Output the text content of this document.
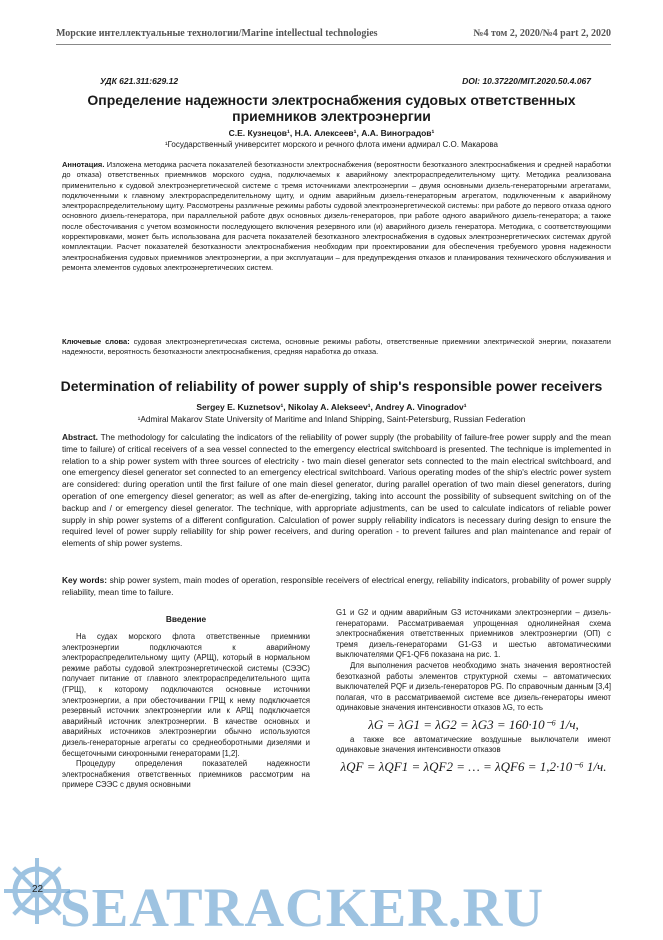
Морские интеллектуальные технологии/Marine intellectual technologies	№4 том 2, 2020/№4 part 2, 2020
УДК 621.311:629.12	DOI: 10.37220/MIT.2020.50.4.067
Определение надежности электроснабжения судовых ответственных приемников электроэнергии
С.Е. Кузнецов¹, Н.А. Алексеев¹, А.А. Виноградов¹
¹Государственный университет морского и речного флота имени адмирал С.О. Макарова
Аннотация. Изложена методика расчета показателей безотказности электроснабжения (вероятности безотказного электроснабжения и средней наработки до отказа) ответственных приемников морского судна, подключаемых к аварийному электрораспределительному щиту. Методика реализована применительно к судовой электроэнергетической системе с тремя источниками электроэнергии – двумя основными дизель-генераторными агрегатами, подключенными к главному электрораспределительному щиту, и одним аварийным дизель-генераторным агрегатом, подключенным к аварийному электрораспределительному щиту. Рассмотрены различные режимы работы судовой электроэнергетической системы: при работе до первого отказа одного основного дизель-генератора, при параллельной работе двух основных дизель-генераторов, при работе одного аварийного дизель-генератора; а также после обесточивания с учетом возможности последующего включения резервного или (и) аварийного дизель генератора. Методика, с соответствующими корректировками, может быть использована для расчета показателей безотказного электроснабжения в судовых электроэнергетических системах другой комплектации. Расчет показателей безотказности электроснабжения необходим при проектировании для обеспечения требуемого уровня надежности электроснабжения судовых приемников электроэнергии, а при эксплуатации – для предупреждения отказов и планирования технического обслуживания и ремонта элементов судовых электроэнергетических систем.
Ключевые слова: судовая электроэнергетическая система, основные режимы работы, ответственные приемники электрической энергии, показатели надежности, вероятность безотказности электроснабжения, средняя наработка до отказа.
Determination of reliability of power supply of ship's responsible power receivers
Sergey E. Kuznetsov¹, Nikolay A. Alekseev¹, Andrey A. Vinogradov¹
¹Admiral Makarov State University of Maritime and Inland Shipping, Saint-Petersburg, Russian Federation
Abstract. The methodology for calculating the indicators of the reliability of power supply (the probability of failure-free power supply and the mean time to failure) of critical receivers of a sea vessel connected to the emergency electrical switchboard is presented. The technique is implemented in relation to a ship power system with three sources of electricity - two main diesel generator sets connected to the main electrical switchboard, and one emergency diesel generator set connected to an emergency electrical switchboard. Various operating modes of the ship's electric power system are considered: during operation until the first failure of one main diesel generator, during parallel operation of two main diesel generators, during operation of one emergency diesel generator; as well as after de-energizing, taking into account the possibility of subsequent switching on of the backup and / or emergency diesel generator. The technique, with appropriate adjustments, can be used to calculate indicators of reliable power supply in ship power systems of a different configuration. Calculation of power supply reliability indicators is necessary during design to ensure the required level of power supply reliability for ship power receivers, and during operation - to prevent failures and plan maintenance and repair of elements of ship power systems.
Key words: ship power system, main modes of operation, responsible receivers of electrical energy, reliability indicators, probability of power supply reliability, mean time to failure.
Введение

На судах морского флота ответственные приемники электроэнергии подключаются к аварийному электрораспределительному щиту (АРЩ), который в нормальном режиме работы судовой электроэнергетической системы (СЭЭС) получает питание от главного электрораспределительного щита (ГРЩ), к которому подключаются основные источники электроэнергии, а при обесточивании ГРЩ к нему подключается резервный источник электроэнергии или к АРЩ подключается аварийный источник электроэнергии. В качестве основных и аварийных источников электроэнергии обычно используются дизель-генераторные агрегаты со среднеоборотными дизелями и бесщеточными синхронными генераторами [1,2].

Процедуру определения показателей надежности электроснабжения ответственных приемников рассмотрим на примере СЭЭС с двумя основными

G1 и G2 и одним аварийным G3 источниками электроэнергии – дизель-генераторами. Рассматриваемая упрощенная однолинейная схема электроснабжения ответственных приемников электроэнергии (ОП) с тремя дизель-генераторами G1-G3 и шестью автоматическими выключателями QF1-QF6 показана на рис. 1.

Для выполнения расчетов необходимо знать значения вероятностей безотказной работы элементов структурной схемы – автоматических выключателей PQF и дизель-генераторов PG. По справочным данным [3,4] полагая, что в рассматриваемой системе все дизель-генераторы имеют одинаковые значения интенсивности отказов λG, то есть

λG = λG1 = λG2 = λG3 = 160·10⁻⁶ 1/ч,

а также все автоматические воздушные выключатели имеют одинаковые значения интенсивности отказов

λQF = λQF1 = λQF2 = … = λQF6 = 1,2·10⁻⁶ 1/ч.
22 SEATRACKER.RU
